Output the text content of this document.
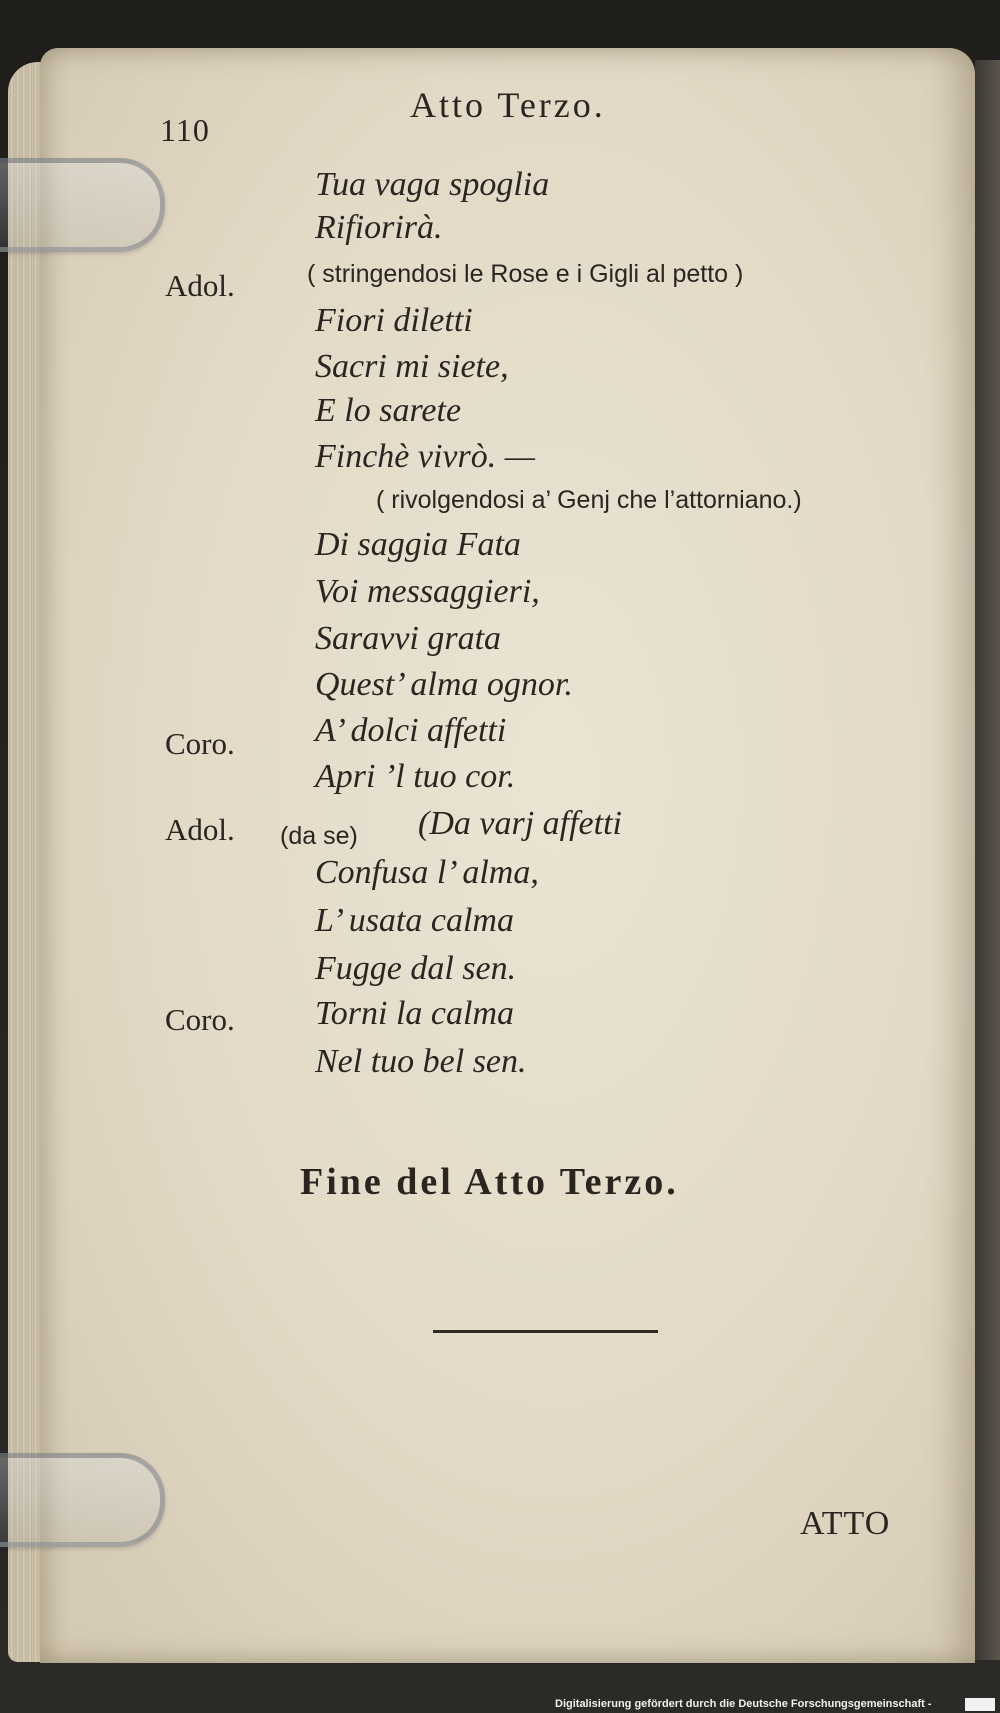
110
Atto Terzo.
Tua vaga spoglia
Rifiorirà.
Adol.	( stringendosi le Rose e i Gigli al petto )
Fiori diletti
Sacri mi siete,
E lo sarete
Finchè vivrò. —
( rivolgendosi a’ Genj che l’attorniano.)
Di saggia Fata
Voi messaggieri,
Saravvi grata
Quest’ alma ognor.
Coro. A’ dolci affetti
Apri ’l tuo cor.
Adol. (da se) (Da varj affetti
Confusa l’ alma,
L’ usata calma
Fugge dal sen.
Coro. Torni la calma
Nel tuo bel sen.
Fine del Atto Terzo.
ATTO
Digitalisierung gefördert durch die Deutsche Forschungsgemeinschaft -
